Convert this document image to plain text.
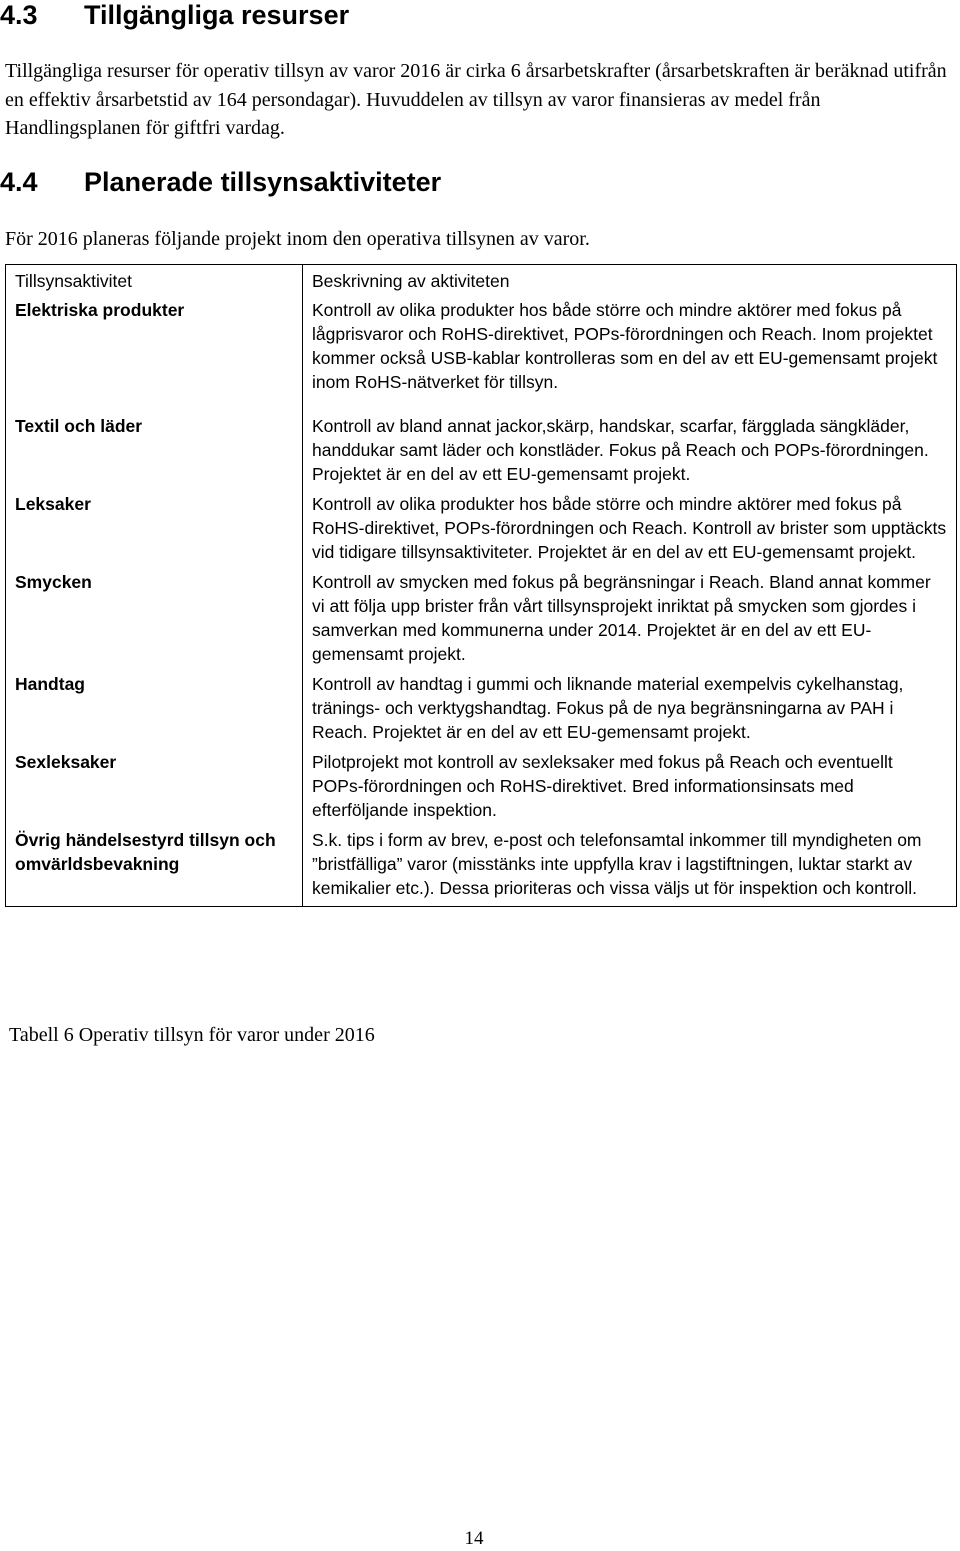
4.3 Tillgängliga resurser

Tillgängliga resurser för operativ tillsyn av varor 2016 är cirka 6 årsarbetskrafter (årsarbetskraften är beräknad utifrån en effektiv årsarbetstid av 164 persondagar). Huvuddelen av tillsyn av varor finansieras av medel från Handlingsplanen för giftfri vardag.

4.4 Planerade tillsynsaktiviteter

För 2016 planeras följande projekt inom den operativa tillsynen av varor.

Tillsynsaktivitet	Beskrivning av aktiviteten
Elektriska produkter	Kontroll av olika produkter hos både större och mindre aktörer med fokus på lågprisvaror och RoHS-direktivet, POPs-förordningen och Reach. Inom projektet kommer också USB-kablar kontrolleras som en del av ett EU-gemensamt projekt inom RoHS-nätverket för tillsyn.
Textil och läder	Kontroll av bland annat jackor,skärp, handskar, scarfar, färgglada sängkläder, handdukar samt läder och konstläder. Fokus på Reach och POPs-förordningen. Projektet är en del av ett EU-gemensamt projekt.
Leksaker	Kontroll av olika produkter hos både större och mindre aktörer med fokus på RoHS-direktivet, POPs-förordningen och Reach. Kontroll av brister som upptäckts vid tidigare tillsynsaktiviteter. Projektet är en del av ett EU-gemensamt projekt.
Smycken	Kontroll av smycken med fokus på begränsningar i Reach. Bland annat kommer vi att följa upp brister från vårt tillsynsprojekt inriktat på smycken som gjordes i samverkan med kommunerna under 2014. Projektet är en del av ett EU-gemensamt projekt.
Handtag	Kontroll av handtag i gummi och liknande material exempelvis cykelhanstag, tränings- och verktygshandtag. Fokus på de nya begränsningarna av PAH i Reach. Projektet är en del av ett EU-gemensamt projekt.
Sexleksaker	Pilotprojekt mot kontroll av sexleksaker med fokus på Reach och eventuellt POPs-förordningen och RoHS-direktivet. Bred informationsinsats med efterföljande inspektion.
Övrig händelsestyrd tillsyn och omvärldsbevakning	S.k. tips i form av brev, e-post och telefonsamtal inkommer till myndigheten om ”bristfälliga” varor (misstänks inte uppfylla krav i lagstiftningen, luktar starkt av kemikalier etc.). Dessa prioriteras och vissa väljs ut för inspektion och kontroll.

Tabell 6 Operativ tillsyn för varor under 2016

14
